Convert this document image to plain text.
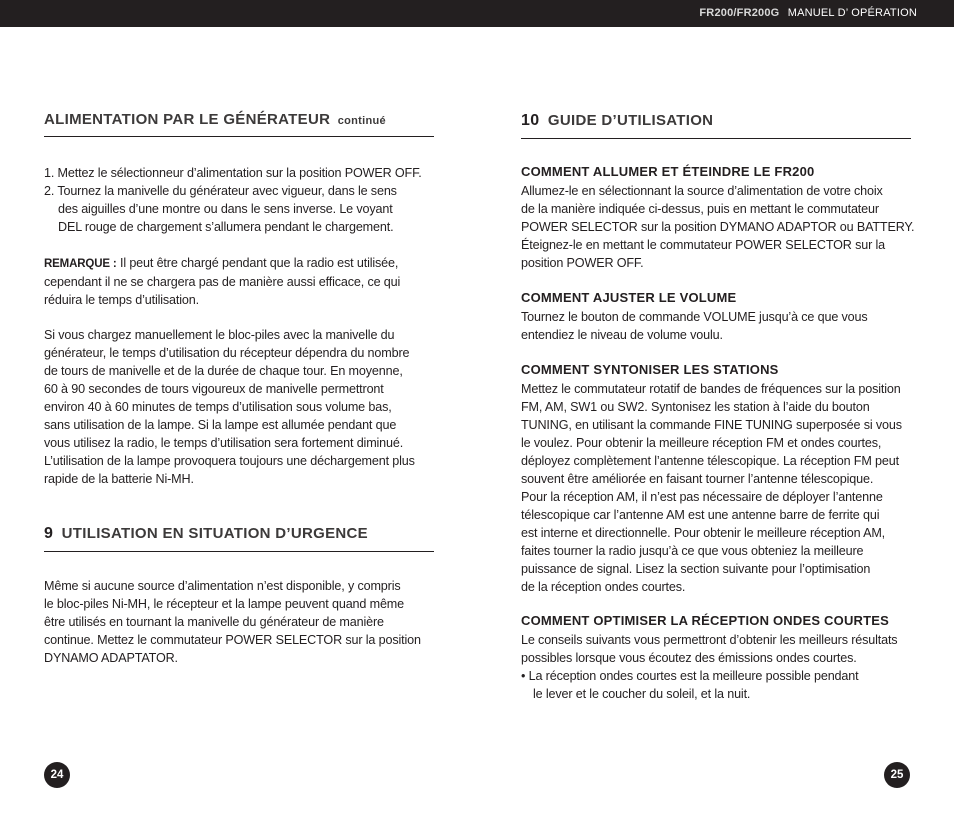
FR200/FR200G MANUEL D’ OPÉRATION
ALIMENTATION PAR LE GÉNÉRATEUR continué
1. Mettez le sélectionneur d’alimentation sur la position POWER OFF.
2. Tournez la manivelle du générateur avec vigueur, dans le sens
des aiguilles d’une montre ou dans le sens inverse. Le voyant
DEL rouge de chargement s’allumera pendant le chargement.
REMARQUE : Il peut être chargé pendant que la radio est utilisée,
cependant il ne se chargera pas de manière aussi efficace, ce qui
réduira le temps d’utilisation.
Si vous chargez manuellement le bloc-piles avec la manivelle du
générateur, le temps d’utilisation du récepteur dépendra du nombre
de tours de manivelle et de la durée de chaque tour. En moyenne,
60 à 90 secondes de tours vigoureux de manivelle permettront
environ 40 à 60 minutes de temps d’utilisation sous volume bas,
sans utilisation de la lampe. Si la lampe est allumée pendant que
vous utilisez la radio, le temps d’utilisation sera fortement diminué.
L’utilisation de la lampe provoquera toujours une déchargement plus
rapide de la batterie Ni-MH.
9 UTILISATION EN SITUATION D’URGENCE
Même si aucune source d’alimentation n’est disponible, y compris
le bloc-piles Ni-MH, le récepteur et la lampe peuvent quand même
être utilisés en tournant la manivelle du générateur de manière
continue. Mettez le commutateur POWER SELECTOR sur la position
DYNAMO ADAPTATOR.
24
10 GUIDE D’UTILISATION
COMMENT ALLUMER ET ÉTEINDRE LE FR200
Allumez-le en sélectionnant la source d’alimentation de votre choix
de la manière indiquée ci-dessus, puis en mettant le commutateur
POWER SELECTOR sur la position DYMANO ADAPTOR ou BATTERY.
Éteignez-le en mettant le commutateur POWER SELECTOR sur la
position POWER OFF.
COMMENT AJUSTER LE VOLUME
Tournez le bouton de commande VOLUME jusqu’à ce que vous
entendiez le niveau de volume voulu.
COMMENT SYNTONISER LES STATIONS
Mettez le commutateur rotatif de bandes de fréquences sur la position
FM, AM, SW1 ou SW2. Syntonisez les station à l’aide du bouton
TUNING, en utilisant la commande FINE TUNING superposée si vous
le voulez. Pour obtenir la meilleure réception FM et ondes courtes,
déployez complètement l’antenne télescopique. La réception FM peut
souvent être améliorée en faisant tourner l’antenne télescopique.
Pour la réception AM, il n’est pas nécessaire de déployer l’antenne
télescopique car l’antenne AM est une antenne barre de ferrite qui
est interne et directionnelle. Pour obtenir le meilleure réception AM,
faites tourner la radio jusqu’à ce que vous obteniez la meilleure
puissance de signal. Lisez la section suivante pour l’optimisation
de la réception ondes courtes.
COMMENT OPTIMISER LA RÉCEPTION ONDES COURTES
Le conseils suivants vous permettront d’obtenir les meilleurs résultats
possibles lorsque vous écoutez des émissions ondes courtes.
• La réception ondes courtes est la meilleure possible pendant
le lever et le coucher du soleil, et la nuit.
25
